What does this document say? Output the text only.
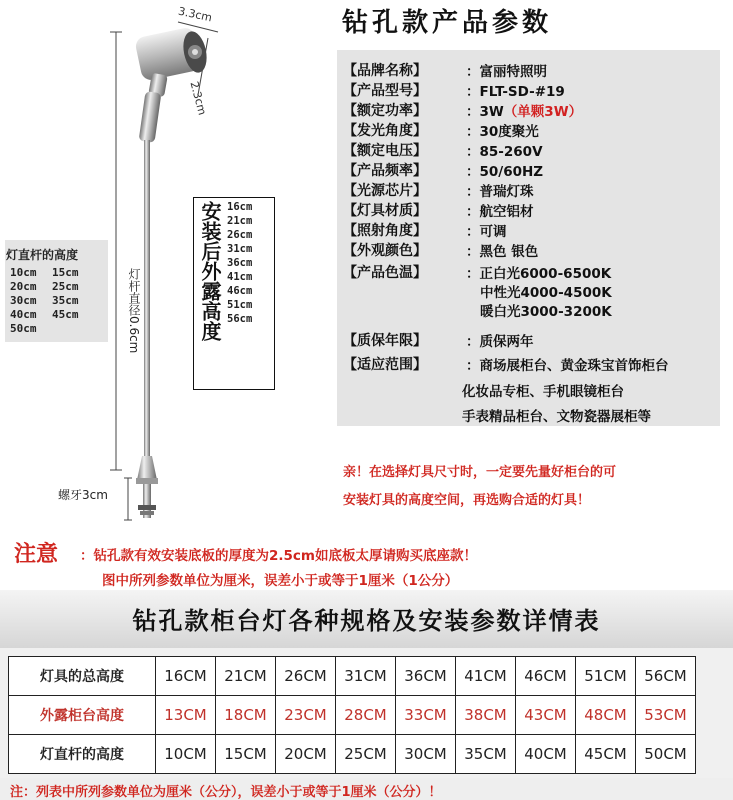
3.3cm
2.3cm
灯杆直径0.6cm
螺牙3cm
灯直杆的高度
10cm 15cm
20cm 25cm
30cm 35cm
40cm 45cm
50cm	安装后外露高度 16cm
21cm
26cm
31cm
36cm
41cm
46cm
51cm
56cm
钻孔款产品参数
【品牌名称】	：富丽特照明
【产品型号】	：FLT-SD-#19
【额定功率】	：3W（单颗3W）
【发光角度】	：30度聚光
【额定电压】	：85-260V
【产品频率】	：50/60HZ
【光源芯片】	：普瑞灯珠
【灯具材质】	：航空铝材
【照射角度】	：可调
【外观颜色】	：黑色 银色
【产品色温】	：正白光6000-6500K
中性光4000-4500K
暖白光3000-3200K
【质保年限】	：质保两年
【适应范围】	：商场展柜台、黄金珠宝首饰柜台
化妆品专柜、手机眼镜柜台
手表精品柜台、文物瓷器展柜等
亲！在选择灯具尺寸时，一定要先量好柜台的可
安装灯具的高度空间，再选购合适的灯具！
注意 ：钻孔款有效安装底板的厚度为2.5cm如底板太厚请购买底座款！
图中所列参数单位为厘米，误差小于或等于1厘米（1公分）
钻孔款柜台灯各种规格及安装参数详情表
灯具的总高度	16CM	21CM	26CM	31CM	36CM	41CM	46CM	51CM	56CM
外露柜台高度	13CM	18CM	23CM	28CM	33CM	38CM	43CM	48CM	53CM
灯直杆的高度	10CM	15CM	20CM	25CM	30CM	35CM	40CM	45CM	50CM
注：列表中所列参数单位为厘米（公分），误差小于或等于1厘米（公分）！
